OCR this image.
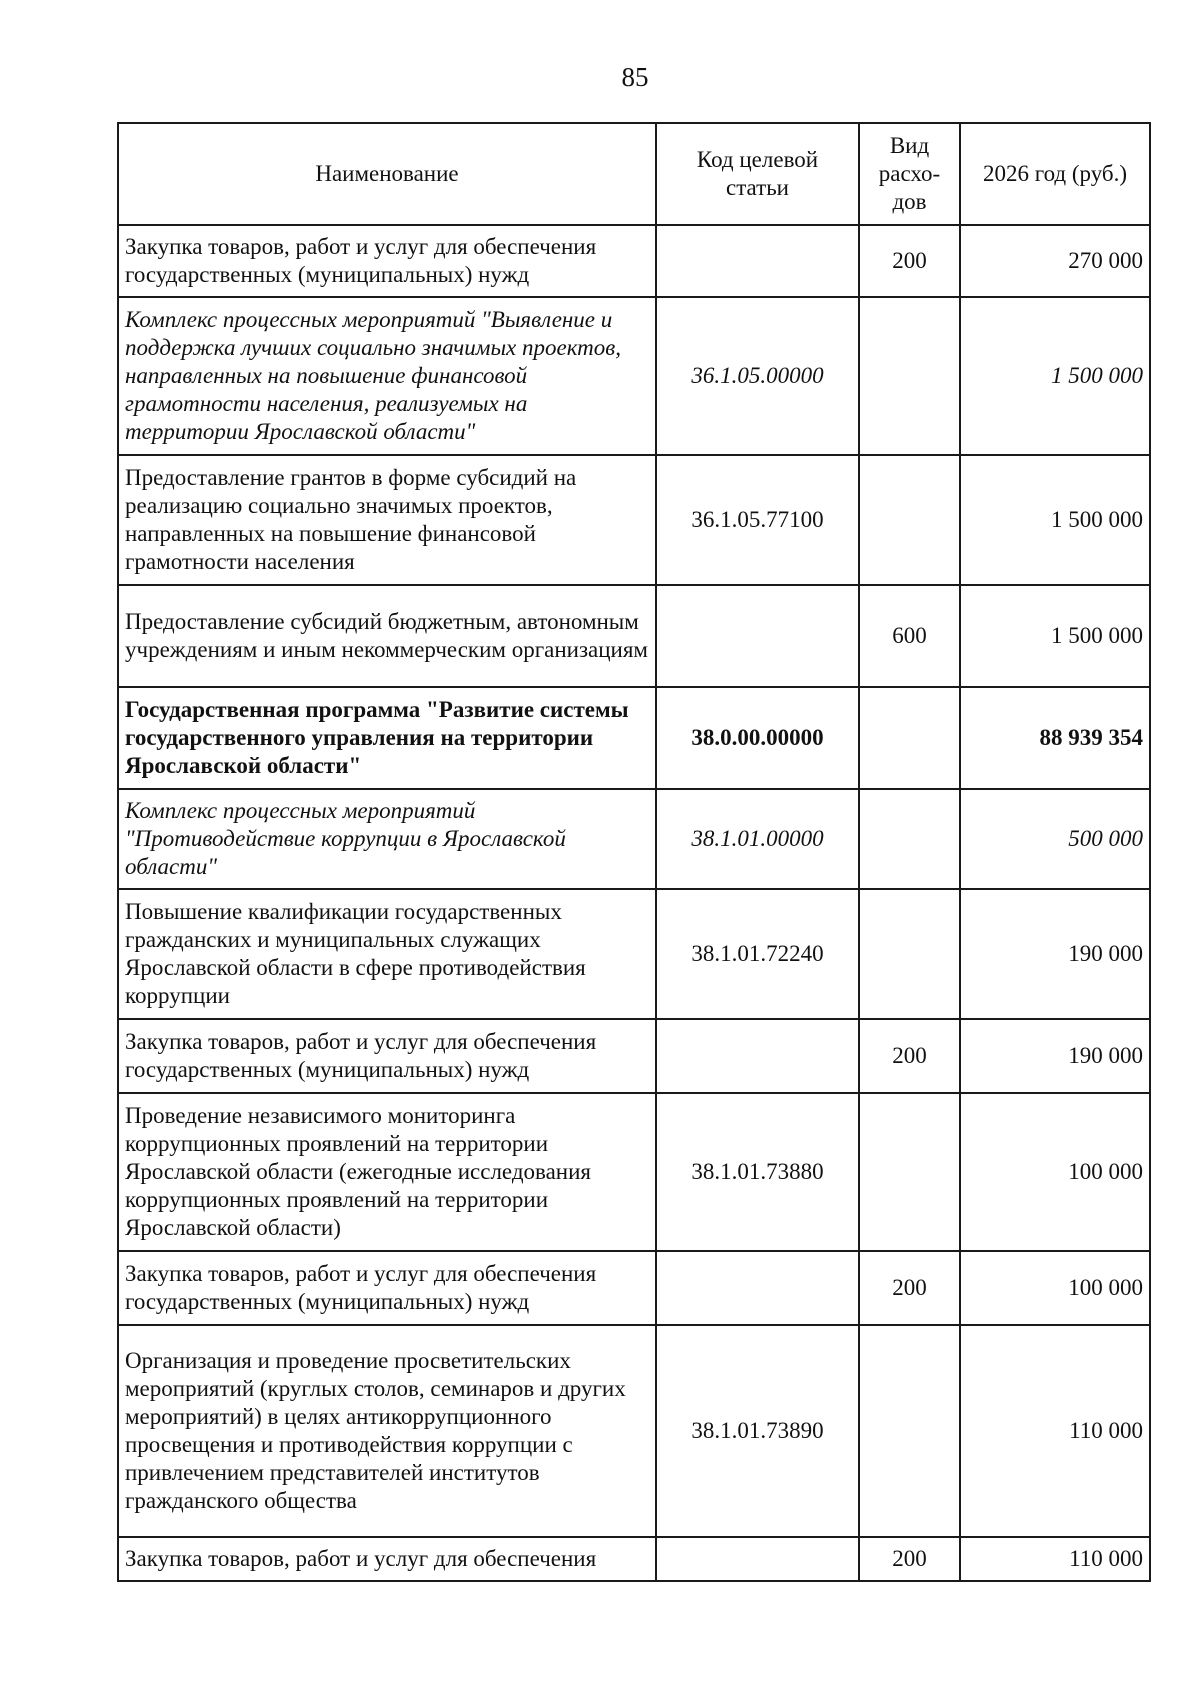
85
Наименование	Код целевой статьи	Вид расхо-дов	2026 год (руб.)
Закупка товаров, работ и услуг для обеспечения государственных (муниципальных) нужд		200	270 000
Комплекс процессных мероприятий "Выявление и поддержка лучших социально значимых проектов, направленных на повышение финансовой грамотности населения, реализуемых на территории Ярославской области"	36.1.05.00000		1 500 000
Предоставление грантов в форме субсидий на реализацию социально значимых проектов, направленных на повышение финансовой грамотности населения	36.1.05.77100		1 500 000
Предоставление субсидий бюджетным, автономным учреждениям и иным некоммерческим организациям		600	1 500 000
Государственная программа "Развитие системы государственного управления на территории Ярославской области"	38.0.00.00000		88 939 354
Комплекс процессных мероприятий "Противодействие коррупции в Ярославской области"	38.1.01.00000		500 000
Повышение квалификации государственных гражданских и муниципальных служащих Ярославской области в сфере противодействия коррупции	38.1.01.72240		190 000
Закупка товаров, работ и услуг для обеспечения государственных (муниципальных) нужд		200	190 000
Проведение независимого мониторинга коррупционных проявлений на территории Ярославской области (ежегодные исследования коррупционных проявлений на территории Ярославской области)	38.1.01.73880		100 000
Закупка товаров, работ и услуг для обеспечения государственных (муниципальных) нужд		200	100 000
Организация и проведение просветительских мероприятий (круглых столов, семинаров и других мероприятий) в целях антикоррупционного просвещения и противодействия коррупции с привлечением представителей институтов гражданского общества	38.1.01.73890		110 000
Закупка товаров, работ и услуг для обеспечения		200	110 000
